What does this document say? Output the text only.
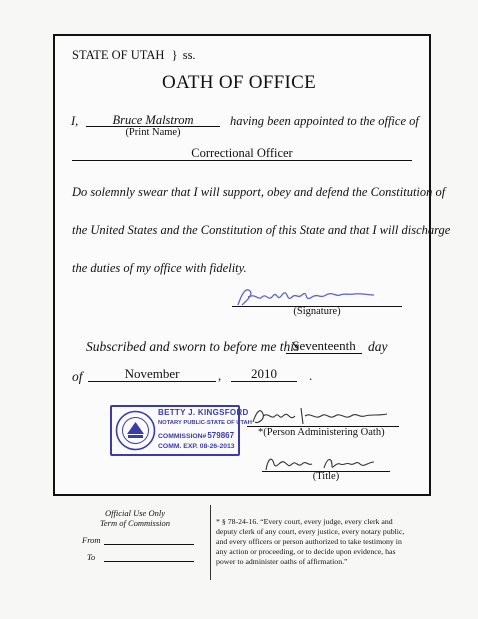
STATE OF UTAH } ss.
OATH OF OFFICE
I,	Bruce Malstrom
(Print Name)
having been appointed to the office of
Correctional Officer
Do solemnly swear that I will support, obey and defend the Constitution of
the United States and the Constitution of this State and that I will discharge
the duties of my office with fidelity.
(Signature)
Subscribed and sworn to before me this
Seventeenth day
of	November	,	2010	.
BETTY J. KINGSFORD
NOTARY PUBLIC-STATE OF UTAH
COMMISSION#579867
COMM. EXP. 08-26-2013
*(Person Administering Oath)
(Title)
Official Use Only
Term of Commission
From
To
* § 78-24-16. “Every court, every judge, every clerk and
deputy clerk of any court, every justice, every notary public,
and every officers or person authorized to take testimony in
any action or proceeding, or to decide upon evidence, has
power to administer oaths of affirmation.”
